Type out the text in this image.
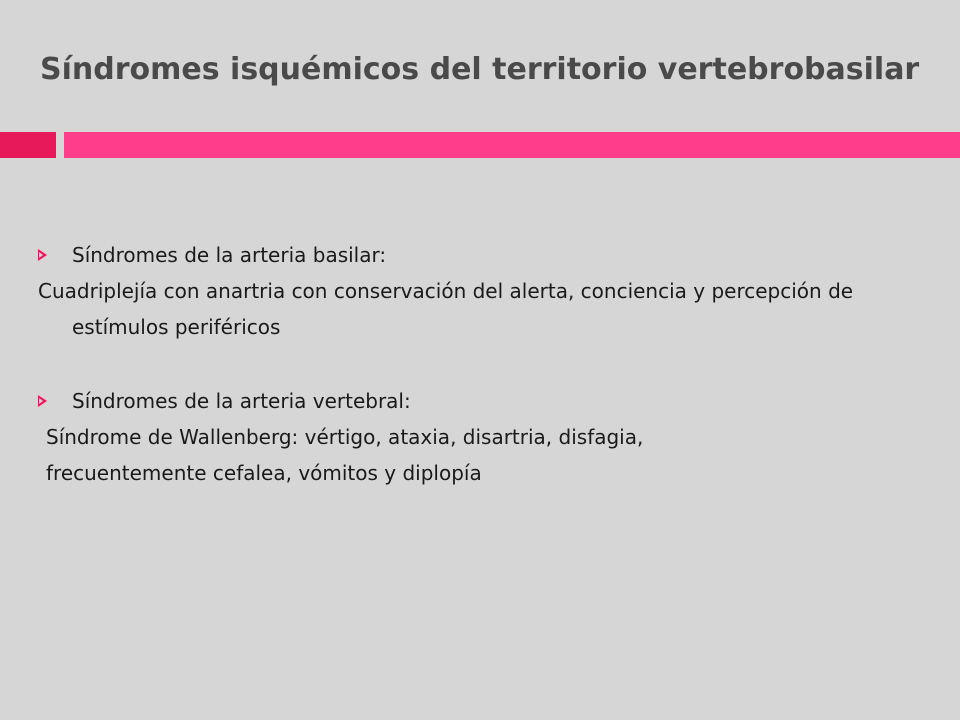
Síndromes isquémicos del territorio vertebrobasilar
Síndromes de la arteria basilar:
Cuadriplejía con anartria con conservación del alerta, conciencia y percepción de estímulos periféricos
Síndromes de la arteria vertebral:
Síndrome de Wallenberg: vértigo, ataxia, disartria, disfagia,
frecuentemente cefalea, vómitos y diplopía
